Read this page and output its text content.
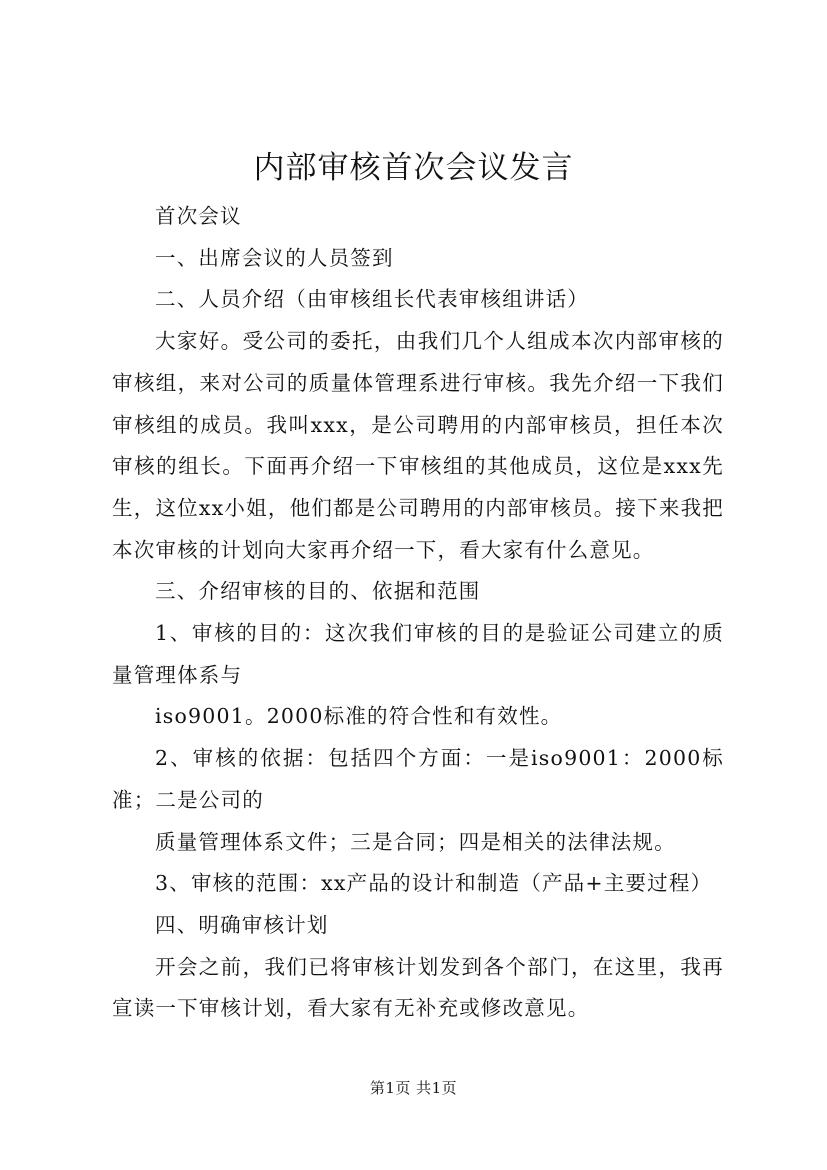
内部审核首次会议发言

首次会议

一、出席会议的人员签到

二、人员介绍（由审核组长代表审核组讲话）

大家好。受公司的委托，由我们几个人组成本次内部审核的审核组，来对公司的质量体管理系进行审核。我先介绍一下我们审核组的成员。我叫xxx，是公司聘用的内部审核员，担任本次审核的组长。下面再介绍一下审核组的其他成员，这位是xxx先生，这位xx小姐，他们都是公司聘用的内部审核员。接下来我把本次审核的计划向大家再介绍一下，看大家有什么意见。

三、介绍审核的目的、依据和范围

1、审核的目的：这次我们审核的目的是验证公司建立的质量管理体系与

iso9001。2000标准的符合性和有效性。

2、审核的依据：包括四个方面：一是iso9001：2000标准；二是公司的

质量管理体系文件；三是合同；四是相关的法律法规。

3、审核的范围：xx产品的设计和制造（产品+主要过程）

四、明确审核计划

开会之前，我们已将审核计划发到各个部门，在这里，我再宣读一下审核计划，看大家有无补充或修改意见。

第1页 共1页
